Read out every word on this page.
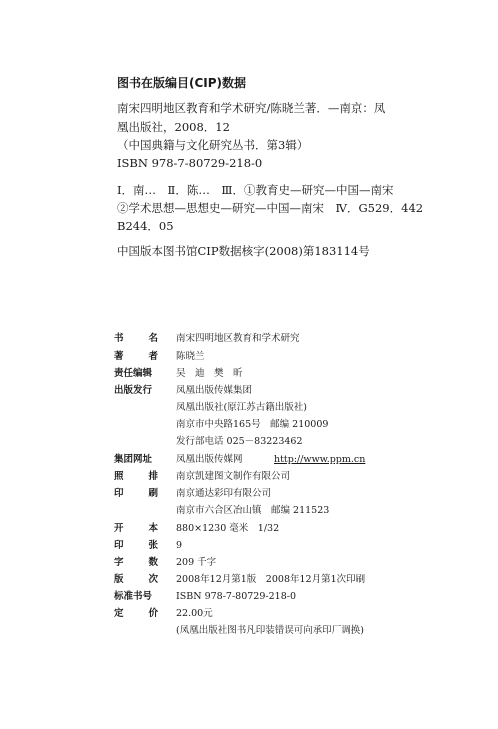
图书在版编目(CIP)数据
南宋四明地区教育和学术研究/陈晓兰著．—南京：凤
凰出版社，2008．12
（中国典籍与文化研究丛书．第3辑）
ISBN 978-7-80729-218-0
Ⅰ．南…　Ⅱ．陈…　Ⅲ．①教育史—研究—中国—南宋
②学术思想—思想史—研究—中国—南宋　Ⅳ．G529．442
B244．05
中国版本图书馆CIP数据核字(2008)第183114号
书	名 南宋四明地区教育和学术研究
著	者 陈晓兰
责任编辑	吴　迪　樊　昕
出版发行	凤凰出版传媒集团
凤凰出版社(原江苏古籍出版社)
南京市中央路165号　邮编 210009
发行部电话 025－83223462
集团网址	凤凰出版传媒网	http://www.ppm.cn
照	排 南京凯建图文制作有限公司
印	刷 南京通达彩印有限公司
南京市六合区冶山镇　邮编 211523
开	本 880×1230 毫米　1/32
印	张 9
字	数 209 千字
版	次 2008年12月第1版　2008年12月第1次印刷
标准书号	ISBN 978-7-80729-218-0
定	价 22.00元
(凤凰出版社图书凡印装错误可向承印厂调换)
